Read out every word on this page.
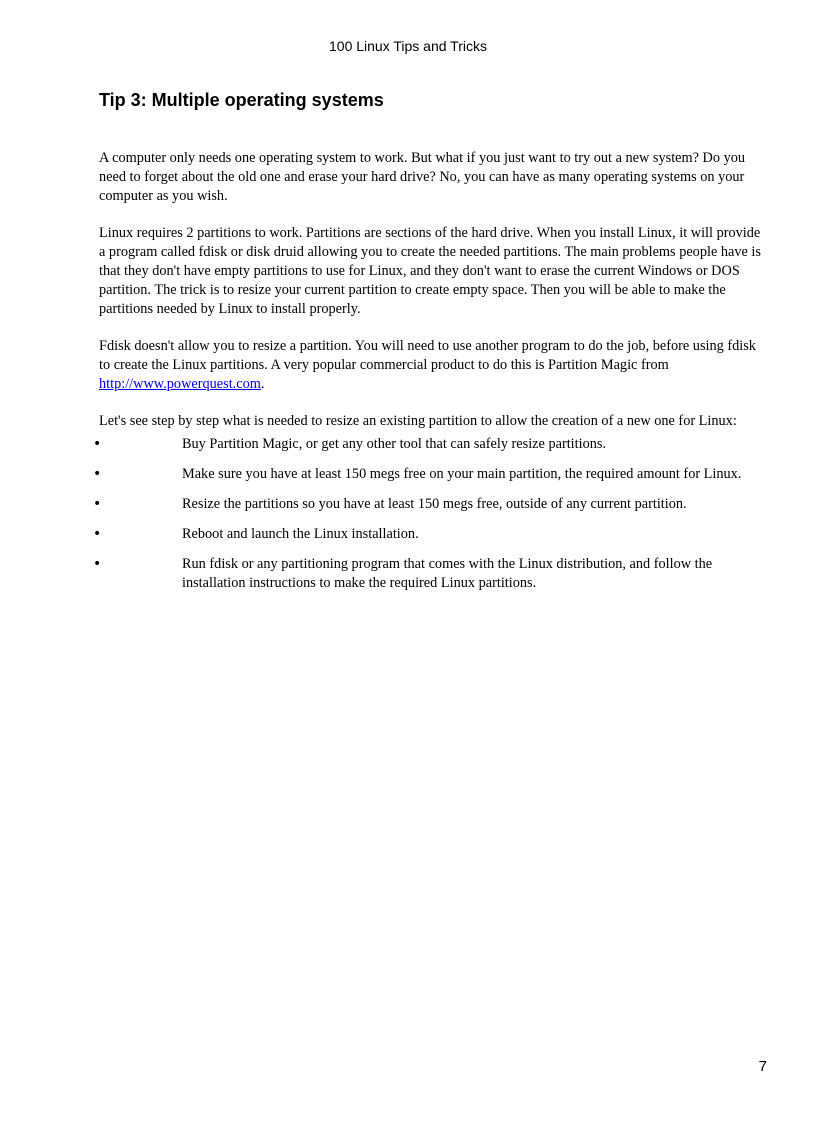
100 Linux Tips and Tricks
Tip 3: Multiple operating systems

A computer only needs one operating system to work. But what if you just want to try out a new system? Do you need to forget about the old one and erase your hard drive? No, you can have as many operating systems on your computer as you wish.

Linux requires 2 partitions to work. Partitions are sections of the hard drive. When you install Linux, it will provide a program called fdisk or disk druid allowing you to create the needed partitions. The main problems people have is that they don't have empty partitions to use for Linux, and they don't want to erase the current Windows or DOS partition. The trick is to resize your current partition to create empty space. Then you will be able to make the partitions needed by Linux to install properly.

Fdisk doesn't allow you to resize a partition. You will need to use another program to do the job, before using fdisk to create the Linux partitions. A very popular commercial product to do this is Partition Magic from http://www.powerquest.com.

Let's see step by step what is needed to resize an existing partition to allow the creation of a new one for Linux:

•	Buy Partition Magic, or get any other tool that can safely resize partitions.
•	Make sure you have at least 150 megs free on your main partition, the required amount for Linux.
•	Resize the partitions so you have at least 150 megs free, outside of any current partition.
•	Reboot and launch the Linux installation.
•	Run fdisk or any partitioning program that comes with the Linux distribution, and follow the installation instructions to make the required Linux partitions.
7
